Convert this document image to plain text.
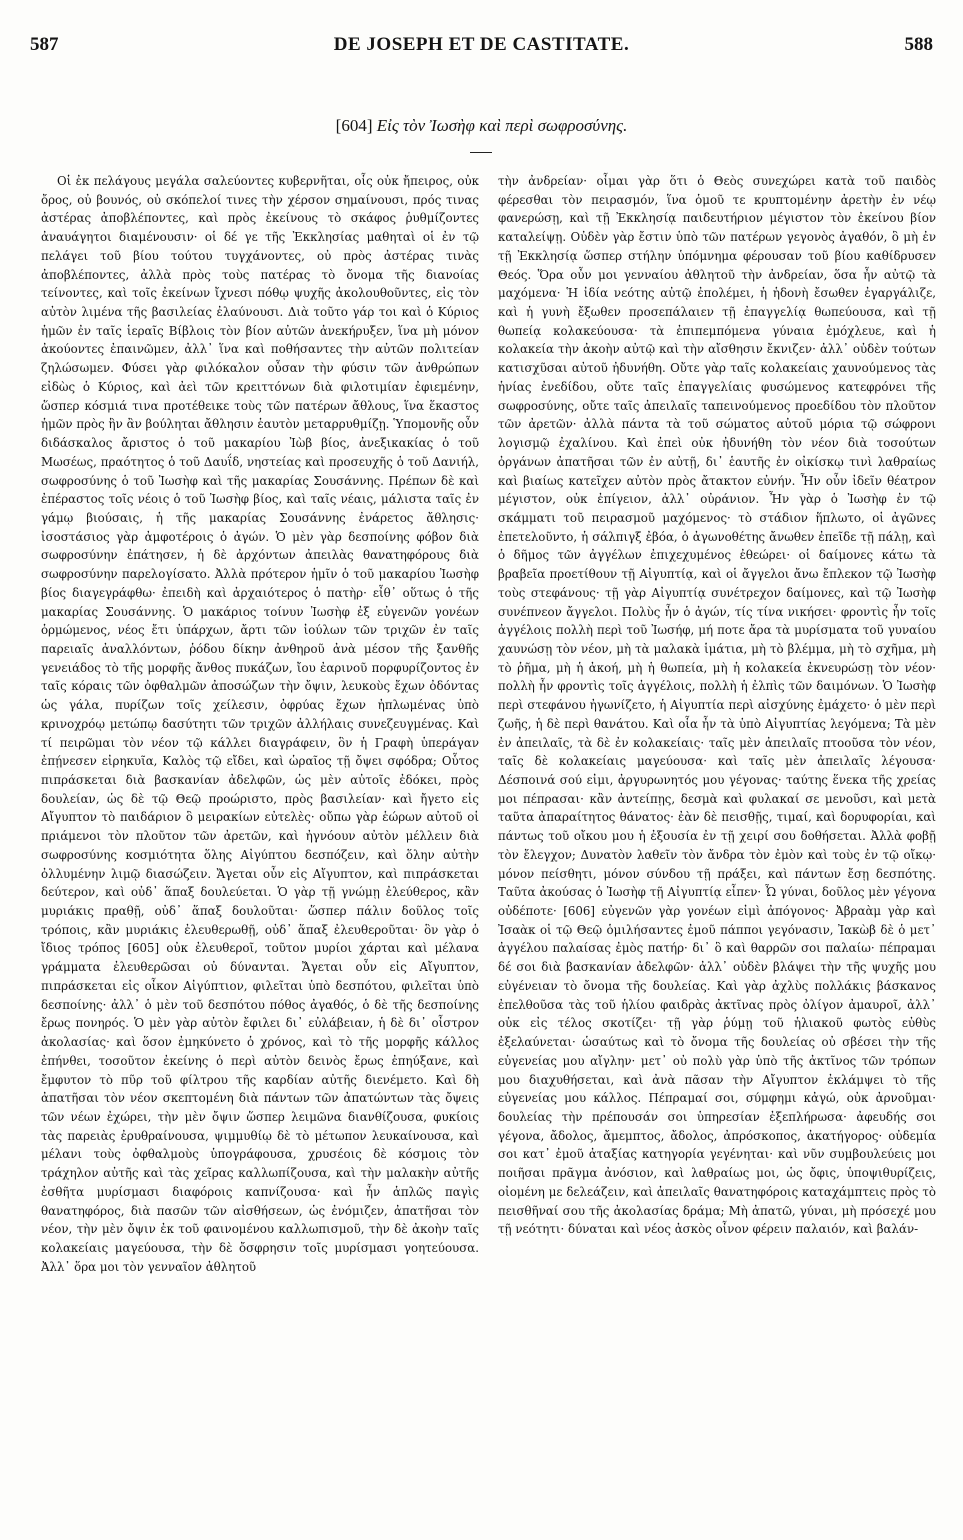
587	DE JOSEPH ET DE CASTITATE.	588
[604] Εἰς τὸν Ἰωσὴφ καὶ περὶ σωφροσύνης.

Οἱ ἐκ πελάγους μεγάλα σαλεύοντες κυβερνῆται, οἷς οὐκ ἤπειρος, οὐκ ὄρος, οὐ βουνός, οὐ σκόπελοί τινες τὴν χέρσον σημαίνουσι, πρός τινας ἀστέρας ἀποβλέποντες, καὶ πρὸς ἐκείνους τὸ σκάφος ῥυθμίζοντες ἀναυάγητοι διαμένουσιν· οἱ δέ γε τῆς Ἐκκλησίας μαθηταὶ οἱ ἐν τῷ πελάγει τοῦ βίου τούτου τυγχάνοντες, οὐ πρὸς ἀστέρας τινὰς ἀποβλέποντες, ἀλλὰ πρὸς τοὺς πατέρας τὸ ὄνομα τῆς διανοίας τείνοντες, καὶ τοῖς ἐκείνων ἴχνεσι πόθῳ ψυχῆς ἀκολουθοῦντες, εἰς τὸν αὐτὸν λιμένα τῆς βασιλείας ἐλαύνουσι. Διὰ τοῦτο γάρ τοι καὶ ὁ Κύριος ἡμῶν ἐν ταῖς ἱεραῖς Βίβλοις τὸν βίον αὐτῶν ἀνεκήρυξεν, ἵνα μὴ μόνον ἀκούοντες ἐπαινῶμεν, ἀλλ᾽ ἵνα καὶ ποθήσαντες τὴν αὐτῶν πολιτείαν ζηλώσωμεν. Φύσει γὰρ φιλόκαλον οὖσαν τὴν φύσιν τῶν ἀνθρώπων εἰδὼς ὁ Κύριος, καὶ ἀεὶ τῶν κρειττόνων διὰ φιλοτιμίαν ἐφιεμένην, ὥσπερ κόσμιά τινα προτέθεικε τοὺς τῶν πατέρων ἄθλους, ἵνα ἕκαστος ἡμῶν πρὸς ἣν ἂν βούληται ἄθλησιν ἑαυτὸν μεταρρυθμίζῃ. Ὑπομονῆς οὖν διδάσκαλος ἄριστος ὁ τοῦ μακαρίου Ἰὼβ βίος, ἀνεξικακίας ὁ τοῦ Μωσέως, πραότητος ὁ τοῦ Δαυΐδ, νηστείας καὶ προσευχῆς ὁ τοῦ Δανιήλ, σωφροσύνης ὁ τοῦ Ἰωσὴφ καὶ τῆς μακαρίας Σουσάννης. Πρέπων δὲ καὶ ἐπέραστος τοῖς νέοις ὁ τοῦ Ἰωσὴφ βίος, καὶ ταῖς νέαις, μάλιστα ταῖς ἐν γάμῳ βιούσαις, ἡ τῆς μακαρίας Σουσάννης ἐνάρετος ἄθλησις· ἰσοστάσιος γὰρ ἀμφοτέροις ὁ ἀγών. Ὁ μὲν γὰρ δεσποίνης φόβον διὰ σωφροσύνην ἐπάτησεν, ἡ δὲ ἀρχόντων ἀπειλὰς θανατηφόρους διὰ σωφροσύνην παρελογίσατο. Ἀλλὰ πρότερον ἡμῖν ὁ τοῦ μακαρίου Ἰωσὴφ βίος διαγεγράφθω· ἐπειδὴ καὶ ἀρχαιότερος ὁ πατὴρ· εἶθ᾽ οὕτως ὁ τῆς μακαρίας Σουσάννης. Ὁ μακάριος τοίνυν Ἰωσὴφ ἐξ εὐγενῶν γονέων ὁρμώμενος, νέος ἔτι ὑπάρχων, ἄρτι τῶν ἰούλων τῶν τριχῶν ἐν ταῖς παρειαῖς ἀναλλόντων, ῥόδου δίκην ἀνθηροῦ ἀνὰ μέσον τῆς ξανθῆς γενειάδος τὸ τῆς μορφῆς ἄνθος πυκάζων, ἴου ἐαρινοῦ πορφυρίζοντος ἐν ταῖς κόραις τῶν ὀφθαλμῶν ἀποσώζων τὴν ὄψιν, λευκοὺς ἔχων ὀδόντας ὡς γάλα, πυρίζων τοῖς χείλεσιν, ὀφρύας ἔχων ἠπλωμένας ὑπὸ κρινοχρόῳ μετώπῳ δασύτητι τῶν τριχῶν ἀλλήλαις συνεζευγμένας. Καὶ τί πειρῶμαι τὸν νέον τῷ κάλλει διαγράφειν, ὃν ἡ Γραφὴ ὑπεράγαν ἐπῄνεσεν εἰρηκυῖα, Καλὸς τῷ εἴδει, καὶ ὡραῖος τῇ ὄψει σφόδρα; Οὗτος πιπράσκεται διὰ βασκανίαν ἀδελφῶν, ὡς μὲν αὐτοῖς ἐδόκει, πρὸς δουλείαν, ὡς δὲ τῷ Θεῷ προώριστο, πρὸς βασιλείαν· καὶ ἤγετο εἰς Αἴγυπτον τὸ παιδάριον ὃ μειρακίων εὐτελὲς· οὔπω γὰρ ἑώρων αὐτοῦ οἱ πριάμενοι τὸν πλοῦτον τῶν ἀρετῶν, καὶ ἠγνόουν αὐτὸν μέλλειν διὰ σωφροσύνης κοσμιότητα ὅλης Αἰγύπτου δεσπόζειν, καὶ ὅλην αὐτὴν ὀλλυμένην λιμῷ διασώζειν. Ἄγεται οὖν εἰς Αἴγυπτον, καὶ πιπράσκεται δεύτερον, καὶ οὐδ᾽ ἅπαξ δουλεύεται. Ὁ γὰρ τῇ γνώμῃ ἐλεύθερος, κἂν μυριάκις πραθῇ, οὐδ᾽ ἅπαξ δουλοῦται· ὥσπερ πάλιν δοῦλος τοῖς τρόποις, κἂν μυριάκις ἐλευθερωθῇ, οὐδ᾽ ἅπαξ ἐλευθεροῦται· ὃν γὰρ ὁ ἴδιος τρόπος [605] οὐκ ἐλευθεροῖ, τοῦτον μυρίοι χάρται καὶ μέλανα γράμματα ἐλευθερῶσαι οὐ δύνανται. Ἄγεται οὖν εἰς Αἴγυπτον, πιπράσκεται εἰς οἶκον Αἰγύπτιον, φιλεῖται ὑπὸ δεσπότου, φιλεῖται ὑπὸ δεσποίνης· ἀλλ᾽ ὁ μὲν τοῦ δεσπότου πόθος ἀγαθός, ὁ δὲ τῆς δεσποίνης ἔρως πονηρός. Ὁ μὲν γὰρ αὐτὸν ἔφιλει δι᾽ εὐλάβειαν, ἡ δὲ δι᾽ οἶστρον ἀκολασίας· καὶ ὅσον ἐμηκύνετο ὁ χρόνος, καὶ τὸ τῆς μορφῆς κάλλος ἐπήνθει, τοσοῦτον ἐκείνης ὁ περὶ αὐτὸν δεινὸς ἔρως ἐπηύξανε, καὶ ἔμφυτον τὸ πῦρ τοῦ φίλτρου τῆς καρδίαν αὐτῆς διενέμετο. Καὶ δὴ ἀπατῆσαι τὸν νέον σκεπτομένη διὰ πάντων τῶν ἀπατώντων τὰς ὄψεις τῶν νέων ἐχώρει, τὴν μὲν ὄψιν ὥσπερ λειμῶνα διανθίζουσα, φυκίοις τὰς παρειὰς ἐρυθραίνουσα, ψιμμυθίῳ δὲ τὸ μέτωπον λευκαίνουσα, καὶ μέλανι τοὺς ὀφθαλμοὺς ὑπογράφουσα, χρυσέοις δὲ κόσμοις τὸν τράχηλον αὐτῆς καὶ τὰς χεῖρας καλλωπίζουσα, καὶ τὴν μαλακὴν αὐτῆς ἐσθῆτα μυρίσμασι διαφόροις καπνίζουσα· καὶ ἦν ἁπλῶς παγὶς θανατηφόρος, διὰ πασῶν τῶν αἰσθήσεων, ὡς ἐνόμιζεν, ἀπατῆσαι τὸν νέον, τὴν μὲν ὄψιν ἐκ τοῦ φαινομένου καλλωπισμοῦ, τὴν δὲ ἀκοὴν ταῖς κολακείαις μαγεύουσα, τὴν δὲ ὄσφρησιν τοῖς μυρίσμασι γοητεύουσα. Ἀλλ᾽ ὅρα μοι τὸν γενναῖον ἀθλητοῦ

τὴν ἀνδρείαν· οἶμαι γὰρ ὅτι ὁ Θεὸς συνεχώρει κατὰ τοῦ παιδὸς φέρεσθαι τὸν πειρασμόν, ἵνα ὁμοῦ τε κρυπτομένην ἀρετὴν ἐν νέῳ φανερώσῃ, καὶ τῇ Ἐκκλησίᾳ παιδευτήριον μέγιστον τὸν ἐκείνου βίον καταλείψῃ. Οὐδὲν γὰρ ἔστιν ὑπὸ τῶν πατέρων γεγονὸς ἀγαθόν, ὃ μὴ ἐν τῇ Ἐκκλησίᾳ ὥσπερ στήλην ὑπόμνημα φέρουσαν τοῦ βίου καθίδρυσεν Θεός. Ὅρα οὖν μοι γενναίου ἀθλητοῦ τὴν ἀνδρείαν, ὅσα ἦν αὐτῷ τὰ μαχόμενα· Ἡ ἰδία νεότης αὐτῷ ἐπολέμει, ἡ ἡδονὴ ἔσωθεν ἐγαργάλιζε, καὶ ἡ γυνὴ ἔξωθεν προσεπάλαιεν τῇ ἐπαγγελίᾳ θωπεύουσα, καὶ τῇ θωπείᾳ κολακεύουσα· τὰ ἐπιπεμπόμενα γύναια ἐμόχλευε, καὶ ἡ κολακεία τὴν ἀκοὴν αὐτῷ καὶ τὴν αἴσθησιν ἔκνιζεν· ἀλλ᾽ οὐδὲν τούτων κατισχῦσαι αὐτοῦ ἠδυνήθη. Οὔτε γὰρ ταῖς κολακείαις χαυνούμενος τὰς ἡνίας ἐνεδίδου, οὔτε ταῖς ἐπαγγελίαις φυσώμενος κατεφρόνει τῆς σωφροσύνης, οὔτε ταῖς ἀπειλαῖς ταπεινούμενος προεδίδου τὸν πλοῦτον τῶν ἀρετῶν· ἀλλὰ πάντα τὰ τοῦ σώματος αὐτοῦ μόρια τῷ σώφρονι λογισμῷ ἐχαλίνου. Καὶ ἐπεὶ οὐκ ἠδυνήθη τὸν νέον διὰ τοσούτων ὀργάνων ἀπατῆσαι τῶν ἐν αὐτῇ, δι᾽ ἑαυτῆς ἐν οἰκίσκῳ τινὶ λαθραίως καὶ βιαίως κατεῖχεν αὐτὸν πρὸς ἄτακτον εὐνήν. Ἦν οὖν ἰδεῖν θέατρον μέγιστον, οὐκ ἐπίγειον, ἀλλ᾽ οὐράνιον. Ἦν γὰρ ὁ Ἰωσὴφ ἐν τῷ σκάμματι τοῦ πειρασμοῦ μαχόμενος· τὸ στάδιον ἥπλωτο, οἱ ἀγῶνες ἐπετελοῦντο, ἡ σάλπιγξ ἐβόα, ὁ ἀγωνοθέτης ἄνωθεν ἐπεῖδε τῇ πάλῃ, καὶ ὁ δῆμος τῶν ἀγγέλων ἐπιχεχυμένος ἐθεώρει· οἱ δαίμονες κάτω τὰ βραβεῖα προετίθουν τῇ Αἰγυπτίᾳ, καὶ οἱ ἄγγελοι ἄνω ἔπλεκον τῷ Ἰωσὴφ τοὺς στεφάνους· τῇ γὰρ Αἰγυπτίᾳ συνέτρεχον δαίμονες, καὶ τῷ Ἰωσὴφ συνέπνεον ἄγγελοι. Πολὺς ἦν ὁ ἀγών, τίς τίνα νικήσει· φροντὶς ἦν τοῖς ἀγγέλοις πολλὴ περὶ τοῦ Ἰωσήφ, μή ποτε ἄρα τὰ μυρίσματα τοῦ γυναίου χαυνώσῃ τὸν νέον, μὴ τὰ μαλακὰ ἱμάτια, μὴ τὸ βλέμμα, μὴ τὸ σχῆμα, μὴ τὸ ῥῆμα, μὴ ἡ ἀκοή, μὴ ἡ θωπεία, μὴ ἡ κολακεία ἐκνευρώσῃ τὸν νέον· πολλὴ ἦν φροντὶς τοῖς ἀγγέλοις, πολλὴ ἡ ἐλπὶς τῶν δαιμόνων. Ὁ Ἰωσὴφ περὶ στεφάνου ἠγωνίζετο, ἡ Αἰγυπτία περὶ αἰσχύνης ἐμάχετο· ὁ μὲν περὶ ζωῆς, ἡ δὲ περὶ θανάτου. Καὶ οἷα ἦν τὰ ὑπὸ Αἰγυπτίας λεγόμενα; Τὰ μὲν ἐν ἀπειλαῖς, τὰ δὲ ἐν κολακείαις· ταῖς μὲν ἀπειλαῖς πτοοῦσα τὸν νέον, ταῖς δὲ κολακείαις μαγεύουσα· καὶ ταῖς μὲν ἀπειλαῖς λέγουσα· Δέσποινά σού εἰμι, ἀργυρωνητός μου γέγονας· ταύτης ἕνεκα τῆς χρείας μοι πέπρασαι· κἂν ἀντείπῃς, δεσμὰ καὶ φυλακαί σε μενοῦσι, καὶ μετὰ ταῦτα ἀπαραίτητος θάνατος· ἐὰν δὲ πεισθῇς, τιμαί, καὶ δορυφορίαι, καὶ πάντως τοῦ οἴκου μου ἡ ἐξουσία ἐν τῇ χειρί σου δοθήσεται. Ἀλλὰ φοβῇ τὸν ἔλεγχον; Δυνατὸν λαθεῖν τὸν ἄνδρα τὸν ἐμὸν καὶ τοὺς ἐν τῷ οἴκῳ· μόνον πείσθητι, μόνον σύνδου τῇ πράξει, καὶ πάντων ἔσῃ δεσπότης. Ταῦτα ἀκούσας ὁ Ἰωσὴφ τῇ Αἰγυπτίᾳ εἶπεν· Ὦ γύναι, δοῦλος μὲν γέγονα οὐδέποτε· [606] εὐγενῶν γὰρ γονέων εἰμὶ ἀπόγονος· Ἀβραὰμ γὰρ καὶ Ἰσαὰκ οἱ τῷ Θεῷ ὁμιλήσαντες ἐμοῦ πάπποι γεγόνασιν, Ἰακὼβ δὲ ὁ μετ᾽ ἀγγέλου παλαίσας ἐμὸς πατήρ· δι᾽ ὃ καὶ θαρρῶν σοι παλαίω· πέπραμαι δέ σοι διὰ βασκανίαν ἀδελφῶν· ἀλλ᾽ οὐδὲν βλάψει τὴν τῆς ψυχῆς μου εὐγένειαν τὸ ὄνομα τῆς δουλείας. Καὶ γὰρ ἀχλὺς πολλάκις βάσκανος ἐπελθοῦσα τὰς τοῦ ἡλίου φαιδρὰς ἀκτῖνας πρὸς ὀλίγον ἀμαυροῖ, ἀλλ᾽ οὐκ εἰς τέλος σκοτίζει· τῇ γὰρ ῥύμῃ τοῦ ἡλιακοῦ φωτὸς εὐθὺς ἐξελαύνεται· ὡσαύτως καὶ τὸ ὄνομα τῆς δουλείας οὐ σβέσει τὴν τῆς εὐγενείας μου αἴγλην· μετ᾽ οὐ πολὺ γὰρ ὑπὸ τῆς ἀκτῖνος τῶν τρόπων μου διαχυθήσεται, καὶ ἀνὰ πᾶσαν τὴν Αἴγυπτον ἐκλάμψει τὸ τῆς εὐγενείας μου κάλλος. Πέπραμαί σοι, σύμφημι κἀγώ, οὐκ ἀρνοῦμαι· δουλείας τὴν πρέπουσάν σοι ὑπηρεσίαν ἐξεπλήρωσα· ἀφευδής σοι γέγονα, ἄδολος, ἄμεμπτος, ἄδολος, ἀπρόσκοπος, ἀκατήγορος· οὐδεμία σοι κατ᾽ ἐμοῦ ἀταξίας κατηγορία γεγένηται· καὶ νῦν συμβουλεύεις μοι ποιῆσαι πρᾶγμα ἀνόσιον, καὶ λαθραίως μοι, ὡς ὄφις, ὑποψιθυρίζεις, οἰομένη με δελεάζειν, καὶ ἀπειλαῖς θανατηφόροις καταχάμπτεις πρὸς τὸ πεισθῆναί σου τῆς ἀκολασίας δράμα; Μὴ ἀπατῶ, γύναι, μὴ πρόσεχέ μου τῇ νεότητι· δύναται καὶ νέος ἀσκὸς οἶνον φέρειν παλαιόν, καὶ βαλάν-
